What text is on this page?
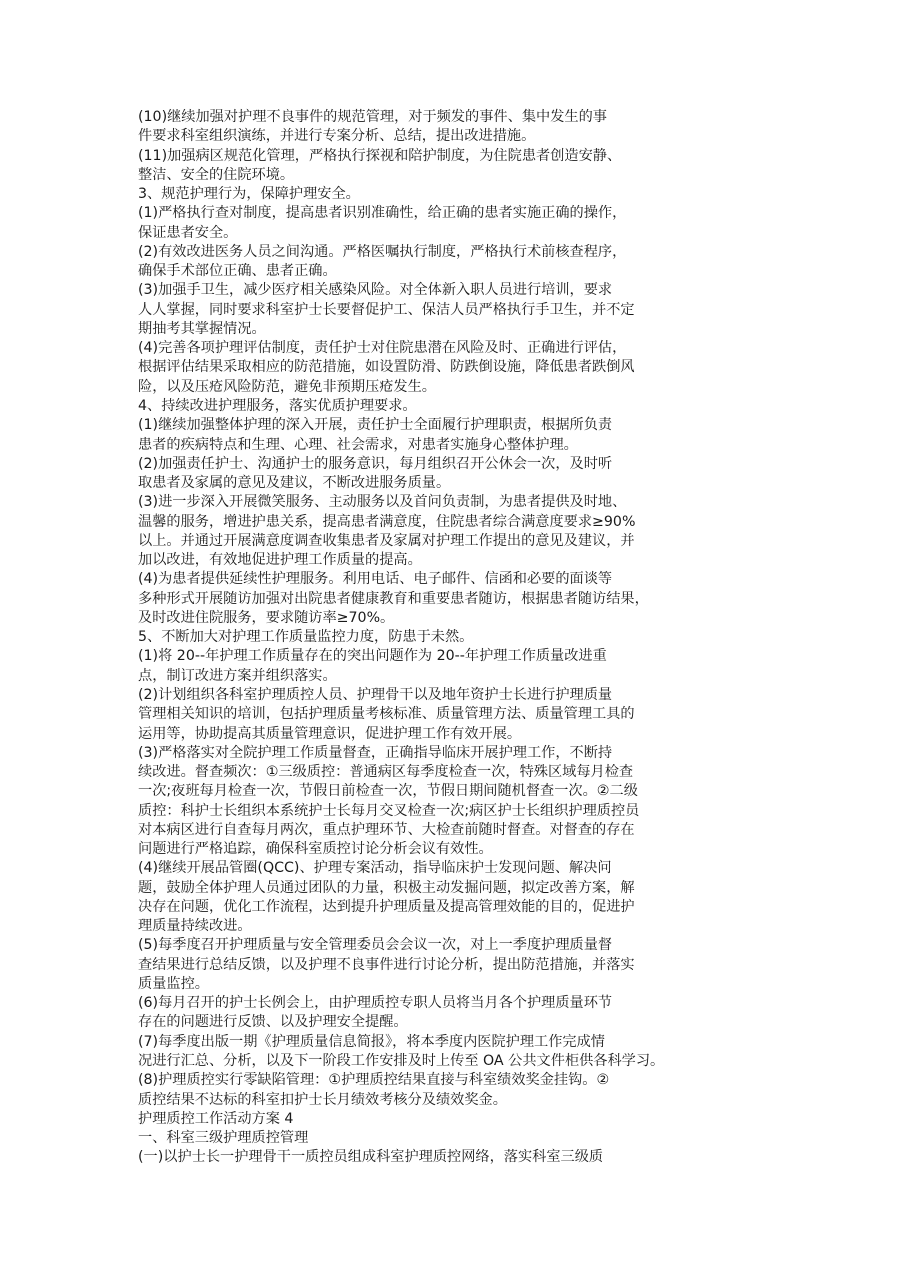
(10)继续加强对护理不良事件的规范管理，对于频发的事件、集中发生的事
件要求科室组织演练，并进行专案分析、总结，提出改进措施。
(11)加强病区规范化管理，严格执行探视和陪护制度，为住院患者创造安静、
整洁、安全的住院环境。
3、规范护理行为，保障护理安全。
(1)严格执行查对制度，提高患者识别准确性，给正确的患者实施正确的操作，
保证患者安全。
(2)有效改进医务人员之间沟通。严格医嘱执行制度，严格执行术前核查程序，
确保手术部位正确、患者正确。
(3)加强手卫生，减少医疗相关感染风险。对全体新入职人员进行培训，要求
人人掌握，同时要求科室护士长要督促护工、保洁人员严格执行手卫生，并不定
期抽考其掌握情况。
(4)完善各项护理评估制度，责任护士对住院患潜在风险及时、正确进行评估，
根据评估结果采取相应的防范措施，如设置防滑、防跌倒设施，降低患者跌倒风
险，以及压疮风险防范，避免非预期压疮发生。
4、持续改进护理服务，落实优质护理要求。
(1)继续加强整体护理的深入开展，责任护士全面履行护理职责，根据所负责
患者的疾病特点和生理、心理、社会需求，对患者实施身心整体护理。
(2)加强责任护士、沟通护士的服务意识，每月组织召开公休会一次，及时听
取患者及家属的意见及建议，不断改进服务质量。
(3)进一步深入开展微笑服务、主动服务以及首问负责制，为患者提供及时地、
温馨的服务，增进护患关系，提高患者满意度，住院患者综合满意度要求≥90%
以上。并通过开展满意度调查收集患者及家属对护理工作提出的意见及建议，并
加以改进，有效地促进护理工作质量的提高。
(4)为患者提供延续性护理服务。利用电话、电子邮件、信函和必要的面谈等
多种形式开展随访加强对出院患者健康教育和重要患者随访，根据患者随访结果，
及时改进住院服务，要求随访率≥70%。
5、不断加大对护理工作质量监控力度，防患于未然。
(1)将 20--年护理工作质量存在的突出问题作为 20--年护理工作质量改进重
点，制订改进方案并组织落实。
(2)计划组织各科室护理质控人员、护理骨干以及地年资护士长进行护理质量
管理相关知识的培训，包括护理质量考核标准、质量管理方法、质量管理工具的
运用等，协助提高其质量管理意识，促进护理工作有效开展。
(3)严格落实对全院护理工作质量督查，正确指导临床开展护理工作，不断持
续改进。督查频次：①三级质控：普通病区每季度检查一次，特殊区域每月检查
一次;夜班每月检查一次，节假日前检查一次，节假日期间随机督查一次。②二级
质控：科护士长组织本系统护士长每月交叉检查一次;病区护士长组织护理质控员
对本病区进行自查每月两次，重点护理环节、大检查前随时督查。对督查的存在
问题进行严格追踪，确保科室质控讨论分析会议有效性。
(4)继续开展品管圈(QCC)、护理专案活动，指导临床护士发现问题、解决问
题，鼓励全体护理人员通过团队的力量，积极主动发掘问题，拟定改善方案，解
决存在问题，优化工作流程，达到提升护理质量及提高管理效能的目的，促进护
理质量持续改进。
(5)每季度召开护理质量与安全管理委员会会议一次，对上一季度护理质量督
查结果进行总结反馈，以及护理不良事件进行讨论分析，提出防范措施，并落实
质量监控。
(6)每月召开的护士长例会上，由护理质控专职人员将当月各个护理质量环节
存在的问题进行反馈、以及护理安全提醒。
(7)每季度出版一期《护理质量信息简报》，将本季度内医院护理工作完成情
况进行汇总、分析，以及下一阶段工作安排及时上传至 OA 公共文件柜供各科学习。
(8)护理质控实行零缺陷管理：①护理质控结果直接与科室绩效奖金挂钩。②
质控结果不达标的科室扣护士长月绩效考核分及绩效奖金。
护理质控工作活动方案 4
一、科室三级护理质控管理
(一)以护士长一护理骨干一质控员组成科室护理质控网络，落实科室三级质
